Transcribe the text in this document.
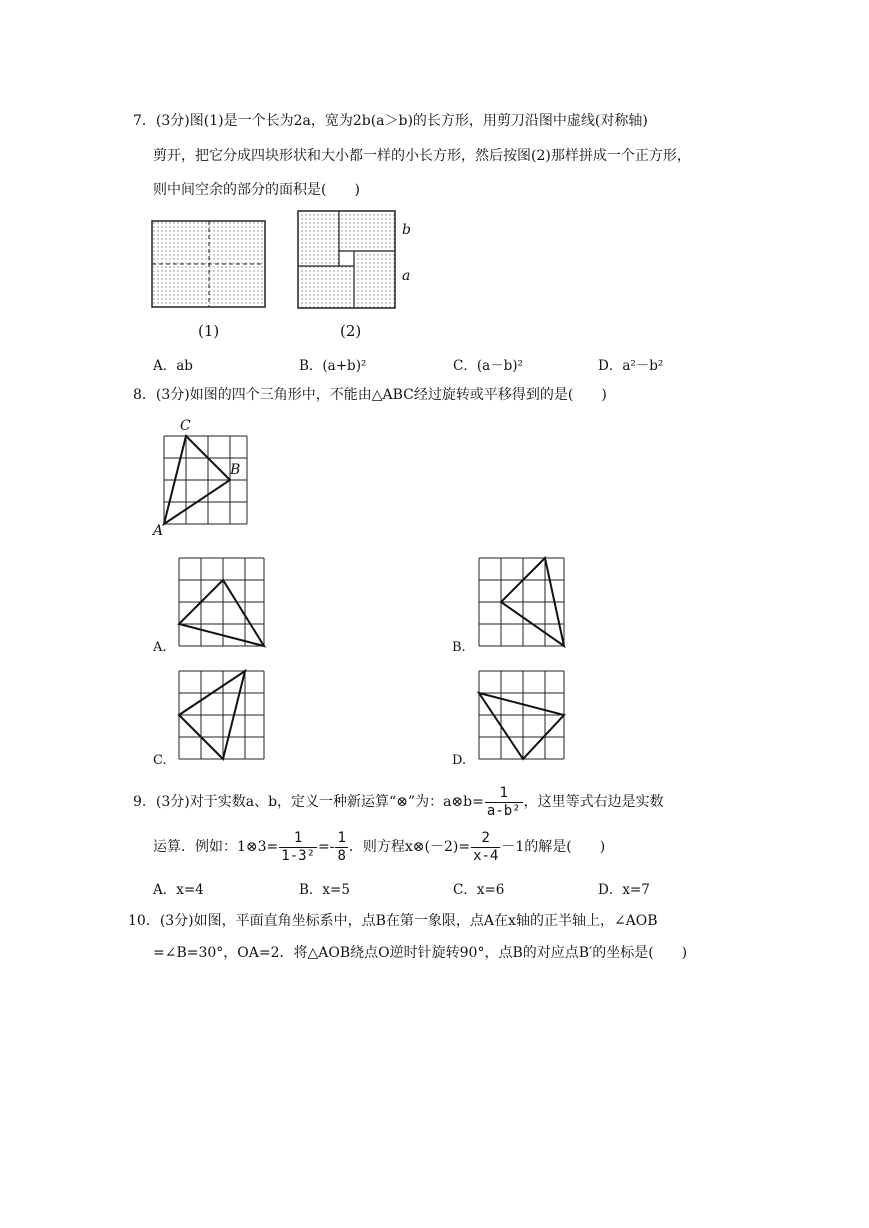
7．(3分)图(1)是一个长为2a，宽为2b(a＞b)的长方形，用剪刀沿图中虚线(对称轴)
剪开，把它分成四块形状和大小都一样的小长方形，然后按图(2)那样拼成一个正方形，
则中间空余的部分的面积是(　　)
b
a
(1)	(2)
A．ab	B．(a+b)²	C．(a－b)²	D．a²－b²
8．(3分)如图的四个三角形中，不能由△ABC经过旋转或平移得到的是(　　)
C
B
A
A.	B.
C.	D.
9．(3分)对于实数a、b，定义一种新运算“⊗”为：a⊗b= $\frac{1}{\text{a-b²}}$ ，这里等式右边是实数
运算．例如：1⊗3= $\frac{1}{\text{1-3²}} =- \frac{1}{8}$ ．则方程x⊗(－2)= $\frac{2}{x-4} -1$的解是(　　)
A．x=4	B．x=5	C．x=6	D．x=7
10．(3分)如图，平面直角坐标系中，点B在第一象限，点A在x轴的正半轴上，∠AOB
=∠B=30°，OA=2．将△AOB绕点O逆时针旋转90°，点B的对应点B′的坐标是(　　)
